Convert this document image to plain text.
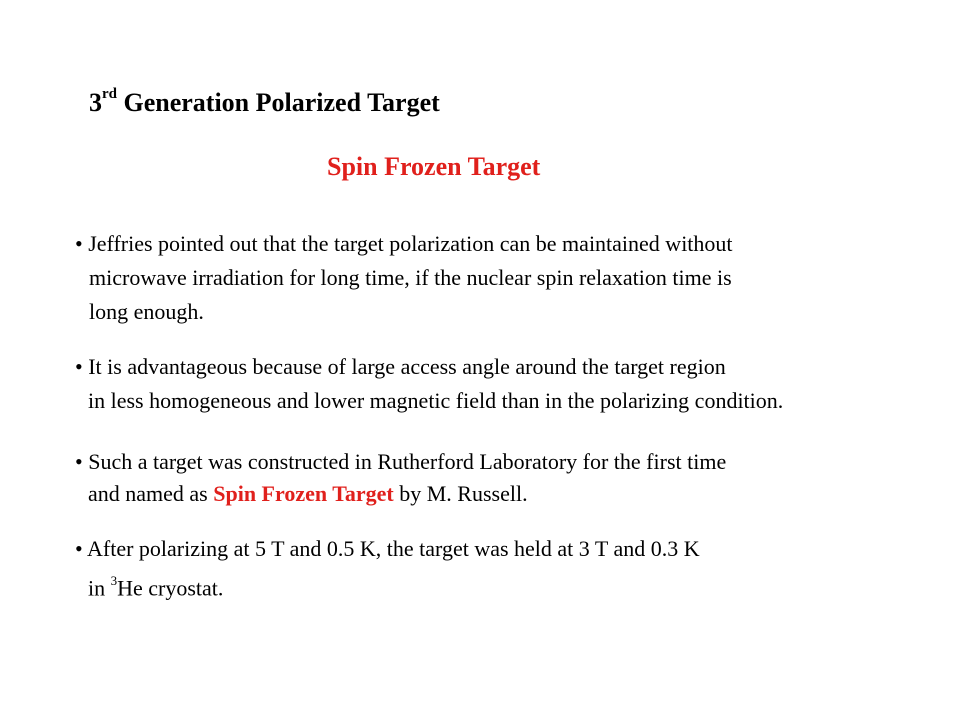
3rd Generation Polarized Target
Spin Frozen Target
• Jeffries pointed out that the target polarization can be maintained without
microwave irradiation for long time, if the nuclear spin relaxation time is
long enough.
• It is advantageous because of large access angle around the target region
in less homogeneous and lower magnetic field than in the polarizing condition.
• Such a target was constructed in Rutherford Laboratory for the first time
and named as Spin Frozen Target by M. Russell.
• After polarizing at 5 T and 0.5 K, the target was held at 3 T and 0.3 K
in $^3$He cryostat.
